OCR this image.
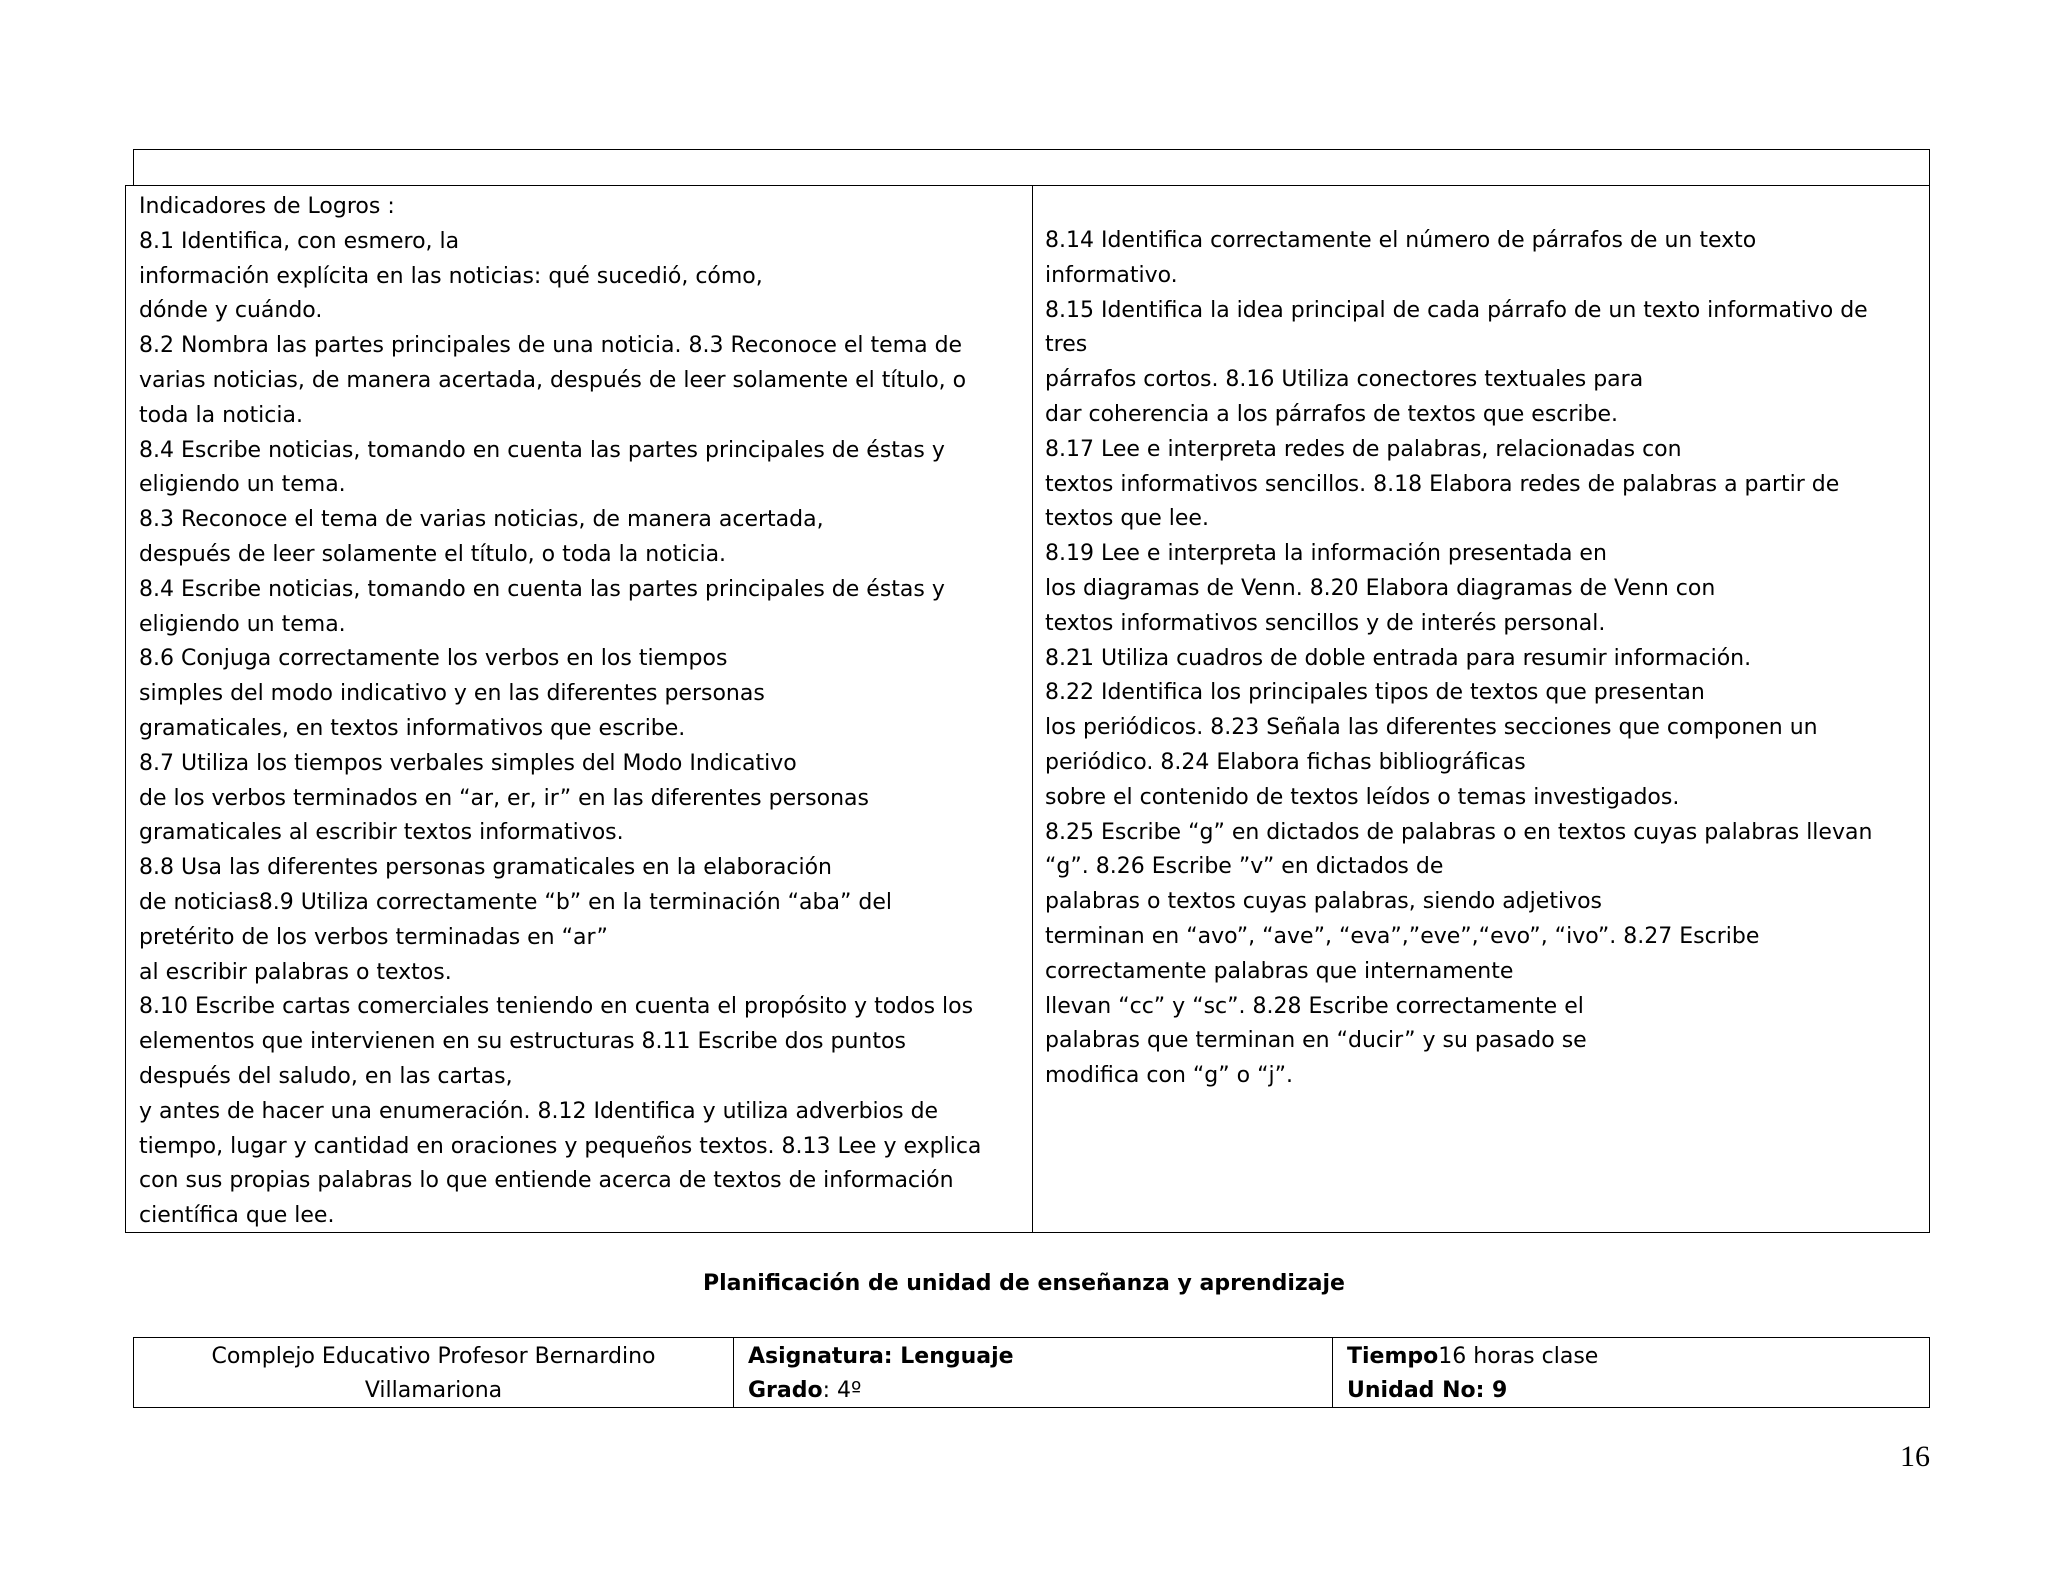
Indicadores de Logros :
8.1 Identifica, con esmero, la
información explícita en las noticias: qué sucedió, cómo,
dónde y cuándo.
8.2 Nombra las partes principales de una noticia. 8.3 Reconoce el tema de
varias noticias, de manera acertada, después de leer solamente el título, o
toda la noticia.
8.4 Escribe noticias, tomando en cuenta las partes principales de éstas y
eligiendo un tema.
8.3 Reconoce el tema de varias noticias, de manera acertada,
después de leer solamente el título, o toda la noticia.
8.4 Escribe noticias, tomando en cuenta las partes principales de éstas y
eligiendo un tema.
8.6 Conjuga correctamente los verbos en los tiempos
simples del modo indicativo y en las diferentes personas
gramaticales, en textos informativos que escribe.
8.7 Utiliza los tiempos verbales simples del Modo Indicativo
de los verbos terminados en “ar, er, ir” en las diferentes personas
gramaticales al escribir textos informativos.
8.8 Usa las diferentes personas gramaticales en la elaboración
de noticias8.9 Utiliza correctamente “b” en la terminación “aba” del
pretérito de los verbos terminadas en “ar”
al escribir palabras o textos.
8.10 Escribe cartas comerciales teniendo en cuenta el propósito y todos los
elementos que intervienen en su estructuras 8.11 Escribe dos puntos
después del saludo, en las cartas,
y antes de hacer una enumeración. 8.12 Identifica y utiliza adverbios de
tiempo, lugar y cantidad en oraciones y pequeños textos. 8.13 Lee y explica
con sus propias palabras lo que entiende acerca de textos de información
científica que lee.
8.14 Identifica correctamente el número de párrafos de un texto
informativo.
8.15 Identifica la idea principal de cada párrafo de un texto informativo de
tres
párrafos cortos. 8.16 Utiliza conectores textuales para
dar coherencia a los párrafos de textos que escribe.
8.17 Lee e interpreta redes de palabras, relacionadas con
textos informativos sencillos. 8.18 Elabora redes de palabras a partir de
textos que lee.
8.19 Lee e interpreta la información presentada en
los diagramas de Venn. 8.20 Elabora diagramas de Venn con
textos informativos sencillos y de interés personal.
8.21 Utiliza cuadros de doble entrada para resumir información.
8.22 Identifica los principales tipos de textos que presentan
los periódicos. 8.23 Señala las diferentes secciones que componen un
periódico. 8.24 Elabora fichas bibliográficas
sobre el contenido de textos leídos o temas investigados.
8.25 Escribe “g” en dictados de palabras o en textos cuyas palabras llevan
“g”. 8.26 Escribe ”v” en dictados de
palabras o textos cuyas palabras, siendo adjetivos
terminan en “avo”, “ave”, “eva”,”eve”,“evo”, “ivo”. 8.27 Escribe
correctamente palabras que internamente
llevan “cc” y “sc”. 8.28 Escribe correctamente el
palabras que terminan en “ducir” y su pasado se
modifica con “g” o “j”.
Planificación de unidad de enseñanza y aprendizaje
Complejo Educativo Profesor Bernardino
Villamariona
Asignatura: Lenguaje
Grado: 4º
Tiempo16 horas clase
Unidad No: 9
16
